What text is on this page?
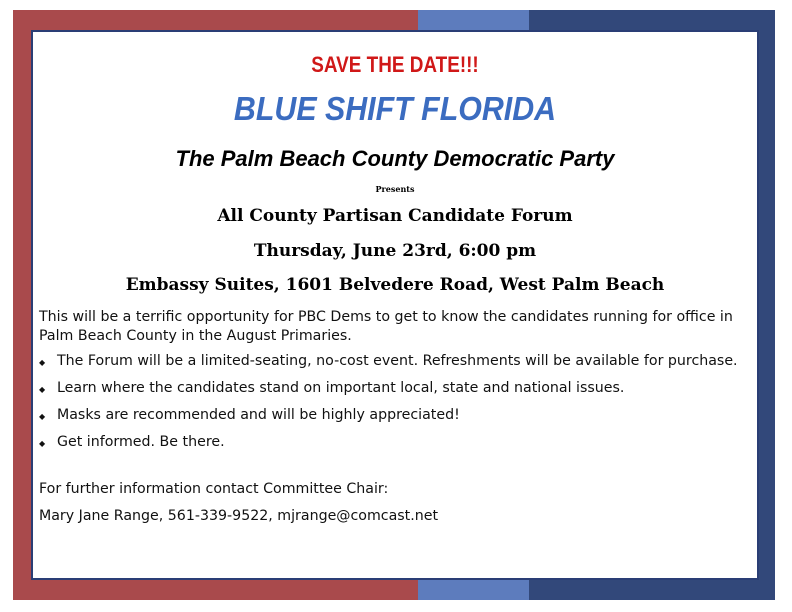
SAVE THE DATE!!!
BLUE SHIFT FLORIDA
The Palm Beach County Democratic Party
Presents
All County Partisan Candidate Forum
Thursday, June 23rd, 6:00 pm
Embassy Suites, 1601 Belvedere Road, West Palm Beach
This will be a terrific opportunity for PBC Dems to get to know the candidates running for office in Palm Beach County in the August Primaries.
◆ The Forum will be a limited-seating, no-cost event. Refreshments will be available for purchase.
◆ Learn where the candidates stand on important local, state and national issues.
◆ Masks are recommended and will be highly appreciated!
◆ Get informed. Be there.
For further information contact Committee Chair:
Mary Jane Range, 561-339-9522, mjrange@comcast.net
